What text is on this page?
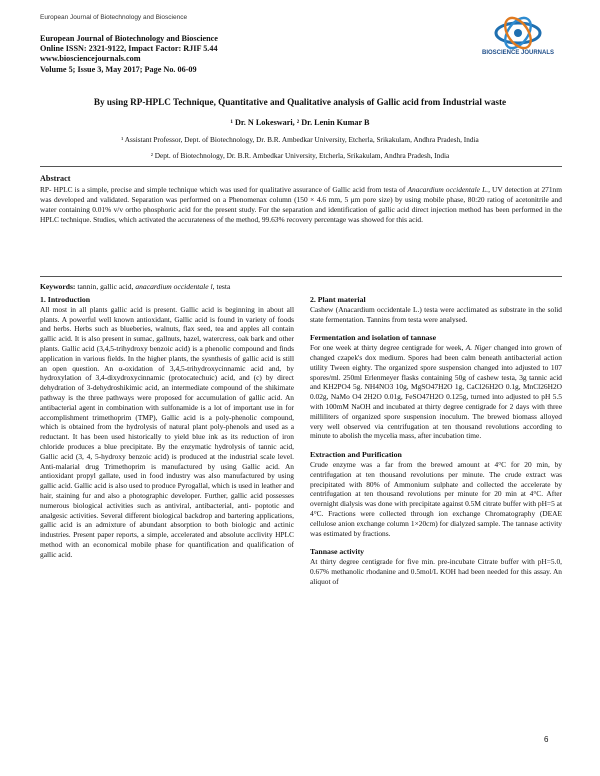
European Journal of Biotechnology and Bioscience
BIOSCIENCE JOURNALS
European Journal of Biotechnology and Bioscience
Online ISSN: 2321-9122, Impact Factor: RJIF 5.44
www.biosciencejournals.com
Volume 5; Issue 3, May 2017; Page No. 06-09
By using RP-HPLC Technique, Quantitative and Qualitative analysis of Gallic acid from Industrial waste
¹ Dr. N Lokeswari, ² Dr. Lenin Kumar B
¹ Assistant Professor, Dept. of Biotechnology, Dr. B.R. Ambedkar University, Etcherla, Srikakulam, Andhra Pradesh, India
² Dept. of Biotechnology, Dr. B.R. Ambedkar University, Etcherla, Srikakulam, Andhra Pradesh, India
Abstract
RP- HPLC is a simple, precise and simple technique which was used for qualitative assurance of Gallic acid from testa of Anacardium occidentale L., UV detection at 271nm was developed and validated. Separation was performed on a Phenomenax column (150 × 4.6 mm, 5 μm pore size) by using mobile phase, 80:20 ratiog of acetonitrile and water containing 0.01% v/v ortho phosphoric acid for the present study. For the separation and identification of gallic acid direct injection method has been performed in the HPLC technique. Studies, which activated the accurateness of the method, 99.63% recovery percentage was showed for this acid.
Keywords: tannin, gallic acid, anacardium occidentale l, testa

1. Introduction

All most in all plants gallic acid is present. Gallic acid is beginning in about all plants. A powerful well known antioxidant, Gallic acid is found in variety of foods and herbs. Herbs such as blueberies, walnuts, flax seed, tea and apples all contain gallic acid. It is also present in sumac, gallnuts, hazel, watercress, oak bark and other plants. Gallic acid (3,4,5-trihydroxy benzoic acid) is a phenolic compound and finds application in various fields. In the higher plants, the sysnthesis of gallic acid is still an open question. An α-oxidation of 3,4,5-trihydroxycinnamic acid and, by hydroxylation of 3,4-dixydroxycinnamic (protocatechuic) acid, and (c) by direct dehydration of 3-dehydroshikimic acid, an intermediate compound of the shikimate pathway is the three pathways were proposed for accumulation of gallic acid. An antibacterial agent in combination with sulfonamide is a lot of important use in for accomplishment trimethoprim (TMP), Gallic acid is a poly-phenolic compound, which is obtained from the hydrolysis of natural plant poly-phenols and used as a reductant. It has been used historically to yield blue ink as its reduction of iron chloride produces a blue precipitate. By the enzymatic hydrolysis of tannic acid, Gallic acid (3, 4, 5-hydroxy benzoic acid) is produced at the industrial scale level. Anti-malarial drug Trimethoprim is manufactured by using Gallic acid. An antioxidant propyl gallate, used in food industry was also manufactured by using gallic acid. Gallic acid is also used to produce Pyrogallal, which is used in leather and hair, staining fur and also a photographic developer. Further, gallic acid possesses numerous biological activities such as antiviral, antibacterial, anti- poptotic and analgesic activities. Several different biological backdrop and bartering applications, gallic acid is an admixture of abundant absorption to both biologic and actinic industries. Present paper reports, a simple, accelerated and absolute acclivity HPLC method with an economical mobile phase for quantification and qualification of gallic acid.

2. Plant material

Cashew (Anacardium occidentale L.) testa were acclimated as substrate in the solid state fermentation. Tannins from testa were analysed.

Fermentation and isolation of tannase

For one week at thirty degree centigrade for week, A. Niger changed into grown of changed czapek's dox medium. Spores had been calm beneath antibacterial action utility Tween eighty. The organized spore suspension changed into adjusted to 107 spores/ml. 250ml Erlenmeyer flasks containing 50g of cashew testa, 3g tannic acid and KH2PO4 5g. NH4NO3 10g, MgSO47H2O 1g, CaCl26H2O 0.1g, MnCl26H2O 0.02g, NaMo O4 2H2O 0.01g, FeSO47H2O 0.125g, turned into adjusted to pH 5.5 with 100mM NaOH and incubated at thirty degree centigrade for 2 days with three milliliters of organized spore suspension inoculum. The brewed biomass alloyed very well observed via centrifugation at ten thousand revolutions according to minute to abolish the mycelia mass, after incubation time.

Extraction and Purification

Crude enzyme was a far from the brewed amount at 4°C for 20 min, by centrifugation at ten thousand revolutions per minute. The crude extract was precipitated with 80% of Ammonium sulphate and collected the accelerate by centrifugation at ten thousand revolutions per minute for 20 min at 4°C. After overnight dialysis was done with precipitate against 0.5M citrate buffer with pH=5 at 4°C. Fractions were collected through ion exchange Chromatography (DEAE cellulose anion exchange column 1×20cm) for dialyzed sample. The tannase activity was estimated by fractions.

Tannase activity

At thirty degree centigrade for five min. pre-incubate Citrate buffer with pH=5.0, 0.67% methanolic rhodanine and 0.5mol/L KOH had been needed for this assay. An aliquot of

6
